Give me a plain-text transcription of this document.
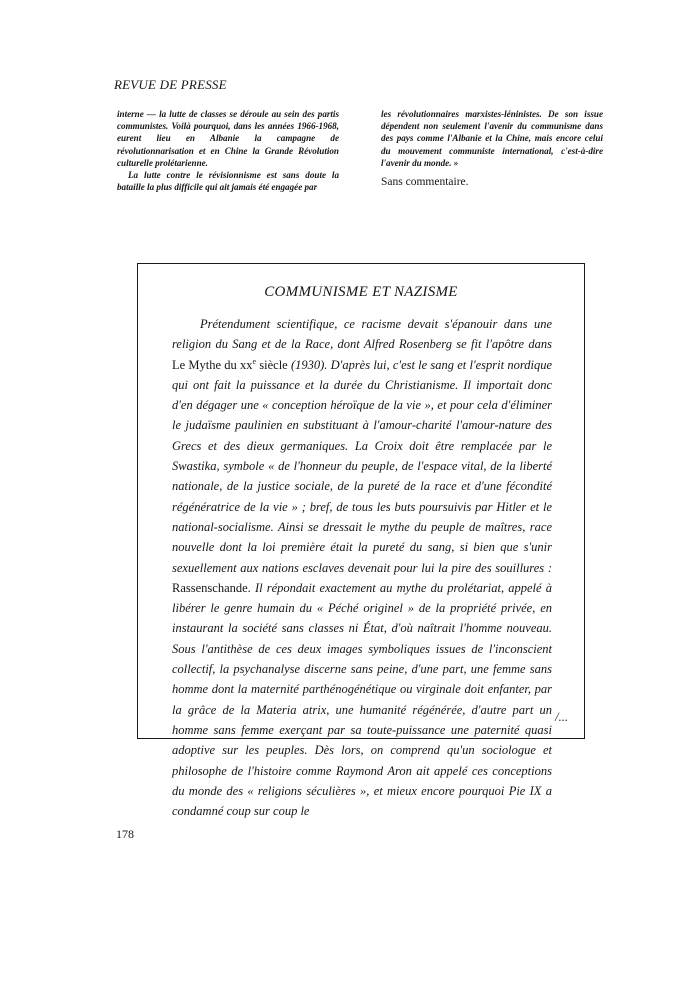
REVUE DE PRESSE

interne — la lutte de classes se déroule au sein des partis communistes. Voilà pourquoi, dans les années 1966-1968, eurent lieu en Albanie la campagne de révolutionnarisation et en Chine la Grande Révolution culturelle prolétarienne.

La lutte contre le révisionnisme est sans doute la bataille la plus difficile qui ait jamais été engagée par

les révolutionnaires marxistes-léninistes. De son issue dépendent non seulement l'avenir du communisme dans des pays comme l'Albanie et la Chine, mais encore celui du mouvement communiste international, c'est-à-dire l'avenir du monde. »

Sans commentaire.
COMMUNISME ET NAZISME

Prétendument scientifique, ce racisme devait s'épanouir dans une religion du Sang et de la Race, dont Alfred Rosenberg se fit l'apôtre dans Le Mythe du $xx^e$ siècle (1930). D'après lui, c'est le sang et l'esprit nordique qui ont fait la puissance et la durée du Christianisme. Il importait donc d'en dégager une « conception héroïque de la vie », et pour cela d'éliminer le judaïsme paulinien en substituant à l'amour-charité l'amour-nature des Grecs et des dieux germaniques. La Croix doit être remplacée par le Swastika, symbole « de l'honneur du peuple, de l'espace vital, de la liberté nationale, de la justice sociale, de la pureté de la race et d'une fécondité régénératrice de la vie » ; bref, de tous les buts poursuivis par Hitler et le national-socialisme. Ainsi se dressait le mythe du peuple de maîtres, race nouvelle dont la loi première était la pureté du sang, si bien que s'unir sexuellement aux nations esclaves devenait pour lui la pire des souillures : Rassenschande. Il répondait exactement au mythe du prolétariat, appelé à libérer le genre humain du « Péché originel » de la propriété privée, en instaurant la société sans classes ni État, d'où naîtrait l'homme nouveau. Sous l'antithèse de ces deux images symboliques issues de l'inconscient collectif, la psychanalyse discerne sans peine, d'une part, une femme sans homme dont la maternité parthénogénétique ou virginale doit enfanter, par la grâce de la Materia atrix, une humanité régénérée, d'autre part un homme sans femme exerçant par sa toute-puissance une paternité quasi adoptive sur les peuples. Dès lors, on comprend qu'un sociologue et philosophe de l'histoire comme Raymond Aron ait appelé ces conceptions du monde des « religions séculières », et mieux encore pourquoi Pie IX a condamné coup sur coup le

/...
178
